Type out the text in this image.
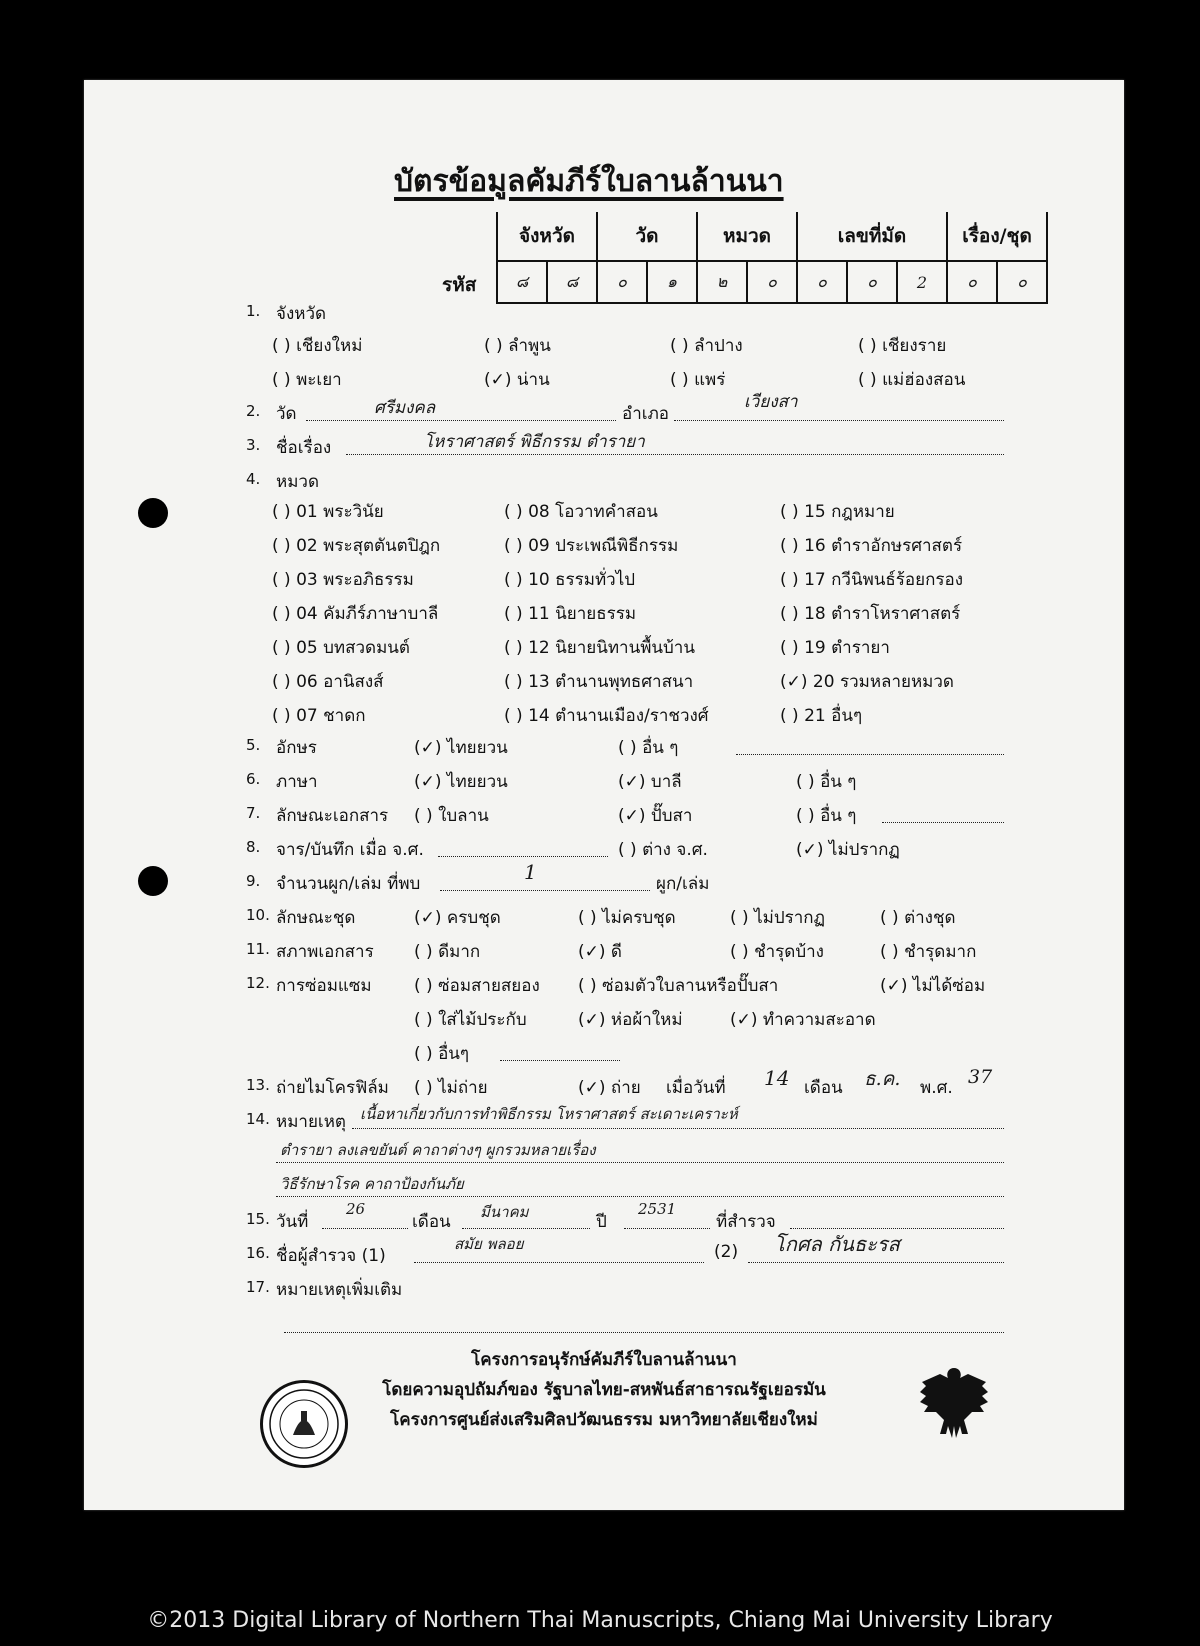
บัตรข้อมูลคัมภีร์ใบลานล้านนา
รหัส
จังหวัด		วัด		หมวด		เลขที่มัด			เรื่อง/ชุด	
๘	๘	๐	๑	๒	๐	๐	๐	2	๐	๐
1. จังหวัด
( ) เชียงใหม่	( ) ลำพูน	( ) ลำปาง	( ) เชียงราย
( ) พะเยา	(✓) น่าน	( ) แพร่	( ) แม่ฮ่องสอน
2. วัด	ศรีมงคล	อำเภอ
เวียงสา
3. ชื่อเรื่อง	โหราศาสตร์ พิธีกรรม ตำรายา
4. หมวด
( ) 01 พระวินัย	( ) 08 โอวาทคำสอน	( ) 15 กฎหมาย
( ) 02 พระสุตตันตปิฎก	( ) 09 ประเพณีพิธีกรรม	( ) 16 ตำราอักษรศาสตร์
( ) 03 พระอภิธรรม	( ) 10 ธรรมทั่วไป	( ) 17 กวีนิพนธ์ร้อยกรอง
( ) 04 คัมภีร์ภาษาบาลี	( ) 11 นิยายธรรม	( ) 18 ตำราโหราศาสตร์
( ) 05 บทสวดมนต์	( ) 12 นิยายนิทานพื้นบ้าน	( ) 19 ตำรายา
( ) 06 อานิสงส์	( ) 13 ตำนานพุทธศาสนา	(✓) 20 รวมหลายหมวด
( ) 07 ชาดก	( ) 14 ตำนานเมือง/ราชวงศ์	( ) 21 อื่นๆ
5. อักษร	(✓) ไทยยวน	( ) อื่น ๆ
6. ภาษา	(✓) ไทยยวน	(✓) บาลี	( ) อื่น ๆ
7. ลักษณะเอกสาร ( ) ใบลาน	(✓) ปั๊บสา	( ) อื่น ๆ
8. จาร/บันทึก เมื่อ จ.ศ.	( ) ต่าง จ.ศ.	(✓) ไม่ปรากฏ
9. จำนวนผูก/เล่ม ที่พบ	1	ผูก/เล่ม
10. ลักษณะชุด	(✓) ครบชุด	( ) ไม่ครบชุด	( ) ไม่ปรากฏ	( ) ต่างชุด
11. สภาพเอกสาร ( ) ดีมาก	(✓) ดี	( ) ชำรุดบ้าง	( ) ชำรุดมาก
12. การซ่อมแซม ( ) ซ่อมสายสยอง ( ) ซ่อมตัวใบลานหรือปั๊บสา	(✓) ไม่ได้ซ่อม
( ) ใส่ไม้ประกับ	(✓) ห่อผ้าใหม่	(✓) ทำความสะอาด
( ) อื่นๆ
13. ถ่ายไมโครฟิล์ม ( ) ไม่ถ่าย	(✓) ถ่าย เมื่อวันที่ 14 เดือน ธ.ค. พ.ศ. 37
14. หมายเหตุ เนื้อหาเกี่ยวกับการทำพิธีกรรม โหราศาสตร์ สะเดาะเคราะห์
ตำรายา ลงเลขยันต์ คาถาต่างๆ ผูกรวมหลายเรื่อง
วิธีรักษาโรค คาถาป้องกันภัย
15. วันที่
26
เดือน มีนาคม	ปี
2531
ที่สำรวจ
16. ชื่อผู้สำรวจ (1)
สมัย พลอย	(2) โกศล กันธะรส
17. หมายเหตุเพิ่มเติม
โครงการอนุรักษ์คัมภีร์ใบลานล้านนา
โดยความอุปถัมภ์ของ รัฐบาลไทย-สหพันธ์สาธารณรัฐเยอรมัน
โครงการศูนย์ส่งเสริมศิลปวัฒนธรรม มหาวิทยาลัยเชียงใหม่
©2013 Digital Library of Northern Thai Manuscripts, Chiang Mai University Library
